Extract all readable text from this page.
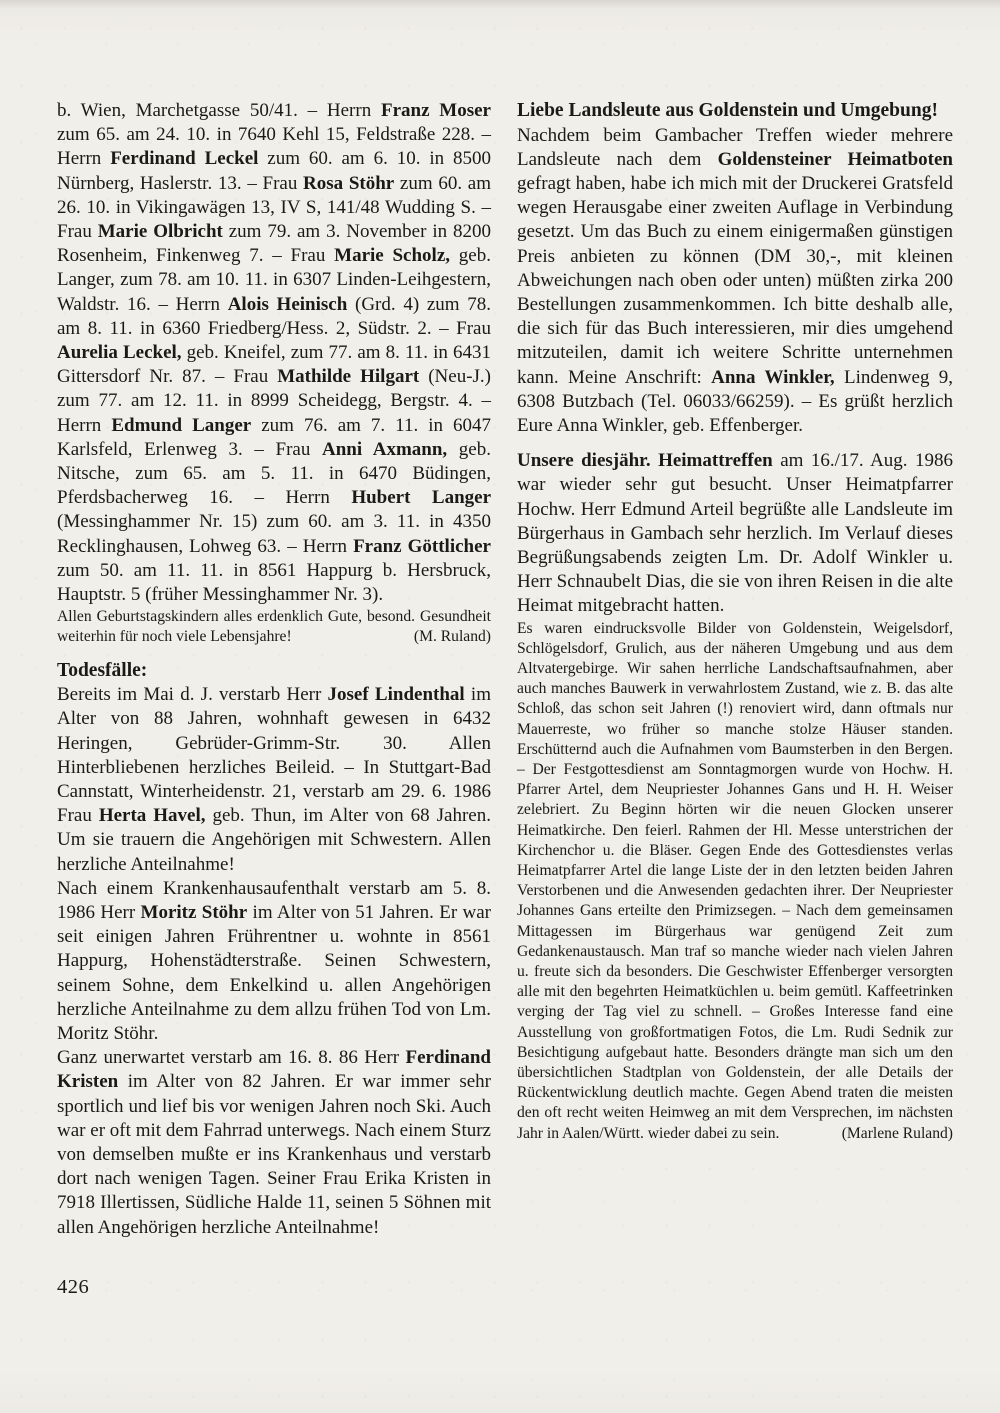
b. Wien, Marchetgasse 50/41. – Herrn Franz Moser zum 65. am 24. 10. in 7640 Kehl 15, Feldstraße 228. – Herrn Ferdinand Leckel zum 60. am 6. 10. in 8500 Nürnberg, Haslerstr. 13. – Frau Rosa Stöhr zum 60. am 26. 10. in Vikingawägen 13, IV S, 141/48 Wudding S. – Frau Marie Olbricht zum 79. am 3. November in 8200 Rosenheim, Finkenweg 7. – Frau Marie Scholz, geb. Langer, zum 78. am 10. 11. in 6307 Linden-Leihgestern, Waldstr. 16. – Herrn Alois Heinisch (Grd. 4) zum 78. am 8. 11. in 6360 Friedberg/Hess. 2, Südstr. 2. – Frau Aurelia Leckel, geb. Kneifel, zum 77. am 8. 11. in 6431 Gittersdorf Nr. 87. – Frau Mathilde Hilgart (Neu-J.) zum 77. am 12. 11. in 8999 Scheidegg, Bergstr. 4. – Herrn Edmund Langer zum 76. am 7. 11. in 6047 Karlsfeld, Erlenweg 3. – Frau Anni Axmann, geb. Nitsche, zum 65. am 5. 11. in 6470 Büdingen, Pferdsbacherweg 16. – Herrn Hubert Langer (Messinghammer Nr. 15) zum 60. am 3. 11. in 4350 Recklinghausen, Lohweg 63. – Herrn Franz Göttlicher zum 50. am 11. 11. in 8561 Happurg b. Hersbruck, Hauptstr. 5 (früher Messinghammer Nr. 3).
Allen Geburtstagskindern alles erdenklich Gute, besond. Gesundheit weiterhin für noch viele Lebensjahre!	(M. Ruland)
Todesfälle:
Bereits im Mai d. J. verstarb Herr Josef Lindenthal im Alter von 88 Jahren, wohnhaft gewesen in 6432 Heringen, Gebrüder-Grimm-Str. 30. Allen Hinterbliebenen herzliches Beileid. – In Stuttgart-Bad Cannstatt, Winterheidenstr. 21, verstarb am 29. 6. 1986 Frau Herta Havel, geb. Thun, im Alter von 68 Jahren. Um sie trauern die Angehörigen mit Schwestern. Allen herzliche Anteilnahme!
Nach einem Krankenhausaufenthalt verstarb am 5. 8. 1986 Herr Moritz Stöhr im Alter von 51 Jahren. Er war seit einigen Jahren Frührentner u. wohnte in 8561 Happurg, Hohenstädterstraße. Seinen Schwestern, seinem Sohne, dem Enkelkind u. allen Angehörigen herzliche Anteilnahme zu dem allzu frühen Tod von Lm. Moritz Stöhr.
Ganz unerwartet verstarb am 16. 8. 86 Herr Ferdinand Kristen im Alter von 82 Jahren. Er war immer sehr sportlich und lief bis vor wenigen Jahren noch Ski. Auch war er oft mit dem Fahrrad unterwegs. Nach einem Sturz von demselben mußte er ins Krankenhaus und verstarb dort nach wenigen Tagen. Seiner Frau Erika Kristen in 7918 Illertissen, Südliche Halde 11, seinen 5 Söhnen mit allen Angehörigen herzliche Anteilnahme!
Liebe Landsleute aus Goldenstein und Umgebung!
Nachdem beim Gambacher Treffen wieder mehrere Landsleute nach dem Goldensteiner Heimatboten gefragt haben, habe ich mich mit der Druckerei Gratsfeld wegen Herausgabe einer zweiten Auflage in Verbindung gesetzt. Um das Buch zu einem einigermaßen günstigen Preis anbieten zu können (DM 30,-, mit kleinen Abweichungen nach oben oder unten) müßten zirka 200 Bestellungen zusammenkommen. Ich bitte deshalb alle, die sich für das Buch interessieren, mir dies umgehend mitzuteilen, damit ich weitere Schritte unternehmen kann. Meine Anschrift: Anna Winkler, Lindenweg 9, 6308 Butzbach (Tel. 06033/66259). – Es grüßt herzlich Eure Anna Winkler, geb. Effenberger.
Unsere diesjähr. Heimattreffen am 16./17. Aug. 1986 war wieder sehr gut besucht. Unser Heimatpfarrer Hochw. Herr Edmund Arteil begrüßte alle Landsleute im Bürgerhaus in Gambach sehr herzlich. Im Verlauf dieses Begrüßungsabends zeigten Lm. Dr. Adolf Winkler u. Herr Schnaubelt Dias, die sie von ihren Reisen in die alte Heimat mitgebracht hatten.
Es waren eindrucksvolle Bilder von Goldenstein, Weigelsdorf, Schlögelsdorf, Grulich, aus der näheren Umgebung und aus dem Altvatergebirge. Wir sahen herrliche Landschaftsaufnahmen, aber auch manches Bauwerk in verwahrlostem Zustand, wie z. B. das alte Schloß, das schon seit Jahren (!) renoviert wird, dann oftmals nur Mauerreste, wo früher so manche stolze Häuser standen. Erschütternd auch die Aufnahmen vom Baumsterben in den Bergen. – Der Festgottesdienst am Sonntagmorgen wurde von Hochw. H. Pfarrer Artel, dem Neupriester Johannes Gans und H. H. Weiser zelebriert. Zu Beginn hörten wir die neuen Glocken unserer Heimatkirche. Den feierl. Rahmen der Hl. Messe unterstrichen der Kirchenchor u. die Bläser. Gegen Ende des Gottesdienstes verlas Heimatpfarrer Artel die lange Liste der in den letzten beiden Jahren Verstorbenen und die Anwesenden gedachten ihrer. Der Neupriester Johannes Gans erteilte den Primizsegen. – Nach dem gemeinsamen Mittagessen im Bürgerhaus war genügend Zeit zum Gedankenaustausch. Man traf so manche wieder nach vielen Jahren u. freute sich da besonders. Die Geschwister Effenberger versorgten alle mit den begehrten Heimatküchlen u. beim gemütl. Kaffeetrinken verging der Tag viel zu schnell. – Großes Interesse fand eine Ausstellung von großfortmatigen Fotos, die Lm. Rudi Sednik zur Besichtigung aufgebaut hatte. Besonders drängte man sich um den übersichtlichen Stadtplan von Goldenstein, der alle Details der Rückentwicklung deutlich machte. Gegen Abend traten die meisten den oft recht weiten Heimweg an mit dem Versprechen, im nächsten Jahr in Aalen/Württ. wieder dabei zu sein.	(Marlene Ruland)
426
